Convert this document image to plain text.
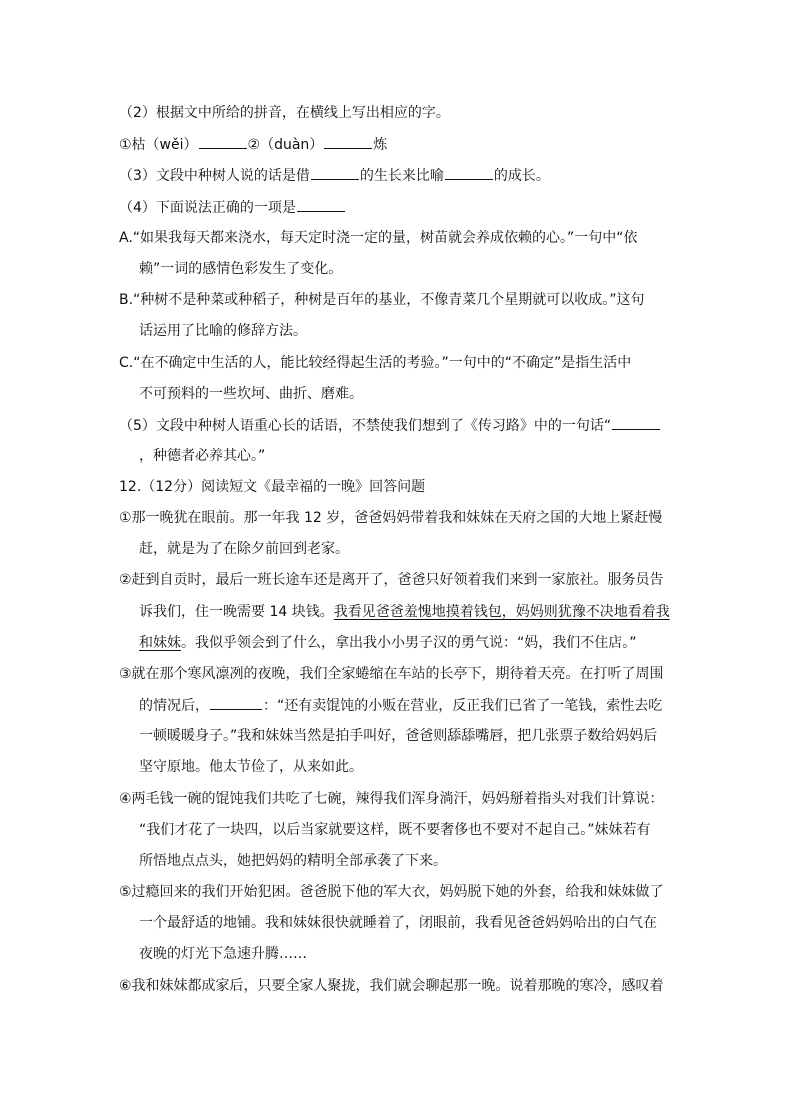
（2）根据文中所给的拼音，在横线上写出相应的字。
①枯（wěi）	②（duàn）	炼
（3）文段中种树人说的话是借	的生长来比喻	的成长。
（4）下面说法正确的一项是
A.“如果我每天都来浇水，每天定时浇一定的量，树苗就会养成依赖的心。”一句中“依
赖”一词的感情色彩发生了变化。
B.“种树不是种菜或种稻子，种树是百年的基业，不像青菜几个星期就可以收成。”这句
话运用了比喻的修辞方法。
C.“在不确定中生活的人，能比较经得起生活的考验。”一句中的“不确定”是指生活中
不可预料的一些坎坷、曲折、磨难。
（5）文段中种树人语重心长的话语，不禁使我们想到了《传习路》中的一句话“
，种德者必养其心。”
12.（12分）阅读短文《最幸福的一晚》回答问题
①那一晚犹在眼前。那一年我 12 岁，爸爸妈妈带着我和妹妹在天府之国的大地上紧赶慢
赶，就是为了在除夕前回到老家。
②赶到自贡时，最后一班长途车还是离开了，爸爸只好领着我们来到一家旅社。服务员告
诉我们，住一晚需要 14 块钱。我看见爸爸羞愧地摸着钱包，妈妈则犹豫不决地看着我
和妹妹。我似乎领会到了什么，拿出我小小男子汉的勇气说：“妈，我们不住店。”
③就在那个寒风凛冽的夜晚，我们全家蜷缩在车站的长亭下，期待着天亮。在打听了周围
的情况后，	：“还有卖馄饨的小贩在营业，反正我们已省了一笔钱，索性去吃
一顿暖暖身子。”我和妹妹当然是拍手叫好，爸爸则舔舔嘴唇，把几张票子数给妈妈后
坚守原地。他太节俭了，从来如此。
④两毛钱一碗的馄饨我们共吃了七碗，辣得我们浑身淌汗，妈妈掰着指头对我们计算说：
“我们才花了一块四，以后当家就要这样，既不要奢侈也不要对不起自己。”妹妹若有
所悟地点点头，她把妈妈的精明全部承袭了下来。
⑤过瘾回来的我们开始犯困。爸爸脱下他的军大衣，妈妈脱下她的外套，给我和妹妹做了
一个最舒适的地铺。我和妹妹很快就睡着了，闭眼前，我看见爸爸妈妈哈出的白气在
夜晚的灯光下急速升腾……
⑥我和妹妹都成家后，只要全家人聚拢，我们就会聊起那一晚。说着那晚的寒冷，感叹着
